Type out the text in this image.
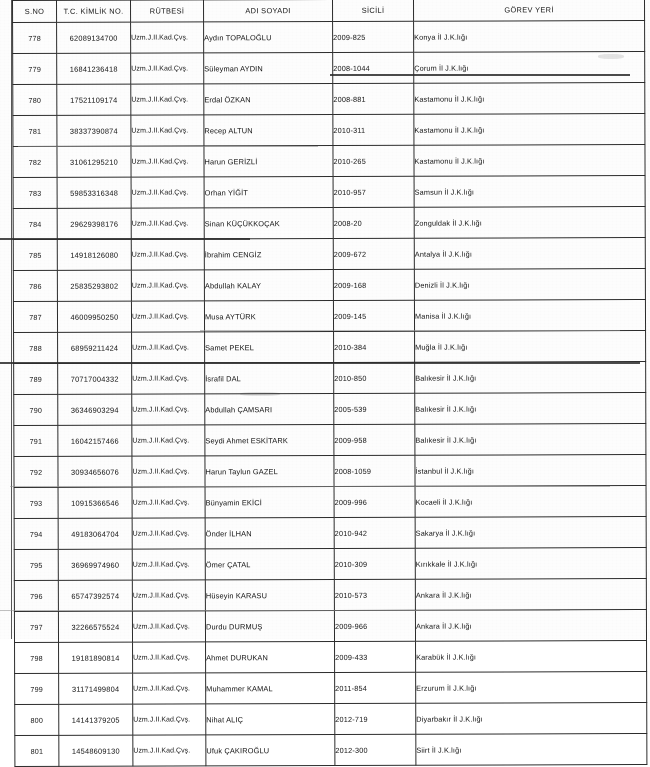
S.NO	T.C. KİMLİK NO.	RÜTBESİ	ADI SOYADI	SİCİLİ	GÖREV YERİ
778	62089134700	Uzm.J.II.Kad.Çvş.	Aydın TOPALOĞLU	2009-825	Konya İl J.K.lığı
779	16841236418	Uzm.J.II.Kad.Çvş.	Süleyman AYDIN	2008-1044	Çorum İl J.K.lığı
780	17521109174	Uzm.J.II.Kad.Çvş.	Erdal ÖZKAN	2008-881	Kastamonu İl J.K.lığı
781	38337390874	Uzm.J.II.Kad.Çvş.	Recep ALTUN	2010-311	Kastamonu İl J.K.lığı
782	31061295210	Uzm.J.II.Kad.Çvş.	Harun GERİZLİ	2010-265	Kastamonu İl J.K.lığı
783	59853316348	Uzm.J.II.Kad.Çvş.	Orhan YİĞİT	2010-957	Samsun İl J.K.lığı
784	29629398176	Uzm.J.II.Kad.Çvş.	Sinan KÜÇÜKKOÇAK	2008-20	Zonguldak İl J.K.lığı
785	14918126080	Uzm.J.II.Kad.Çvş.	İbrahim CENGİZ	2009-672	Antalya İl J.K.lığı
786	25835293802	Uzm.J.II.Kad.Çvş.	Abdullah KALAY	2009-168	Denizli İl J.K.lığı
787	46009950250	Uzm.J.II.Kad.Çvş.	Musa AYTÜRK	2009-145	Manisa İl J.K.lığı
788	68959211424	Uzm.J.II.Kad.Çvş.	Samet PEKEL	2010-384	Muğla İl J.K.lığı
789	70717004332	Uzm.J.II.Kad.Çvş.	İsrafil DAL	2010-850	Balıkesir İl J.K.lığı
790	36346903294	Uzm.J.II.Kad.Çvş.	Abdullah ÇAMSARI	2005-539	Balıkesir İl J.K.lığı
791	16042157466	Uzm.J.II.Kad.Çvş.	Seydi Ahmet ESKİTARK	2009-958	Balıkesir İl J.K.lığı
792	30934656076	Uzm.J.II.Kad.Çvş.	Harun Taylun GAZEL	2008-1059	İstanbul İl J.K.lığı
793	10915366546	Uzm.J.II.Kad.Çvş.	Bünyamin EKİCİ	2009-996	Kocaeli İl J.K.lığı
794	49183064704	Uzm.J.II.Kad.Çvş.	Önder İLHAN	2010-942	Sakarya İl J.K.lığı
795	36969974960	Uzm.J.II.Kad.Çvş.	Ömer ÇATAL	2010-309	Kırıkkale İl J.K.lığı
796	65747392574	Uzm.J.II.Kad.Çvş.	Hüseyin KARASU	2010-573	Ankara İl J.K.lığı
797	32266575524	Uzm.J.II.Kad.Çvş.	Durdu DURMUŞ	2009-966	Ankara İl J.K.lığı
798	19181890814	Uzm.J.II.Kad.Çvş.	Ahmet DURUKAN	2009-433	Karabük İl J.K.lığı
799	31171499804	Uzm.J.II.Kad.Çvş.	Muhammer KAMAL	2011-854	Erzurum İl J.K.lığı
800	14141379205	Uzm.J.II.Kad.Çvş.	Nihat ALIÇ	2012-719	Diyarbakır İl J.K.lığı
801	14548609130	Uzm.J.II.Kad.Çvş.	Ufuk ÇAKIROĞLU	2012-300	Siirt İl J.K.lığı
